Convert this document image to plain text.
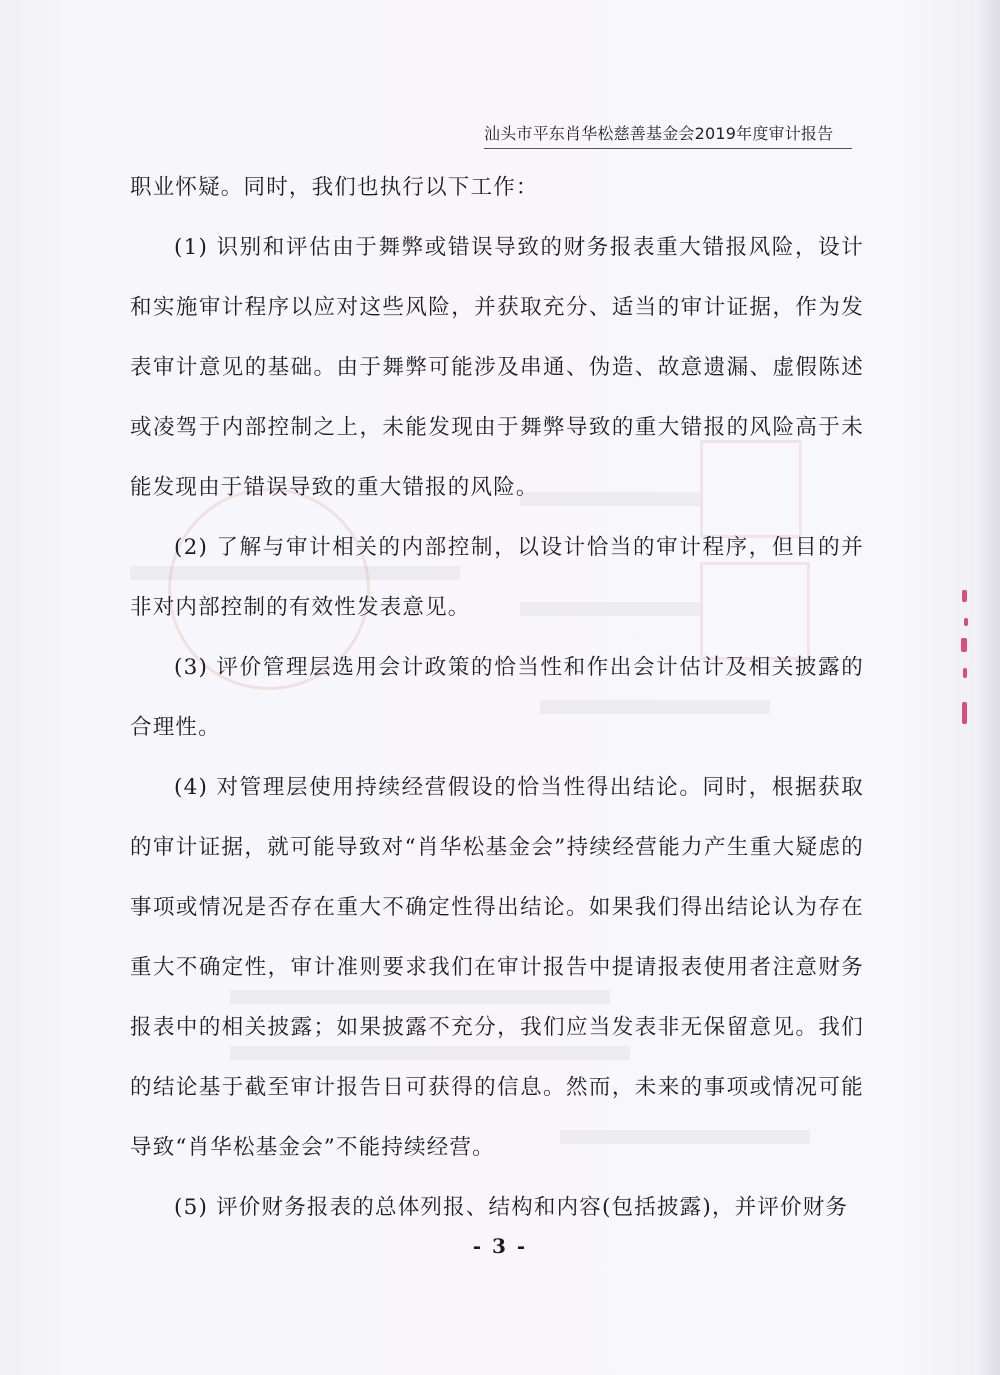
汕头市平东肖华松慈善基金会2019年度审计报告

职业怀疑。同时，我们也执行以下工作：

(1) 识别和评估由于舞弊或错误导致的财务报表重大错报风险，设计和实施审计程序以应对这些风险，并获取充分、适当的审计证据，作为发表审计意见的基础。由于舞弊可能涉及串通、伪造、故意遗漏、虚假陈述或凌驾于内部控制之上，未能发现由于舞弊导致的重大错报的风险高于未能发现由于错误导致的重大错报的风险。

(2) 了解与审计相关的内部控制，以设计恰当的审计程序，但目的并非对内部控制的有效性发表意见。

(3) 评价管理层选用会计政策的恰当性和作出会计估计及相关披露的合理性。

(4) 对管理层使用持续经营假设的恰当性得出结论。同时，根据获取的审计证据，就可能导致对“肖华松基金会”持续经营能力产生重大疑虑的事项或情况是否存在重大不确定性得出结论。如果我们得出结论认为存在重大不确定性，审计准则要求我们在审计报告中提请报表使用者注意财务报表中的相关披露；如果披露不充分，我们应当发表非无保留意见。我们的结论基于截至审计报告日可获得的信息。然而，未来的事项或情况可能导致“肖华松基金会”不能持续经营。

(5) 评价财务报表的总体列报、结构和内容(包括披露)，并评价财务

- 3 -
